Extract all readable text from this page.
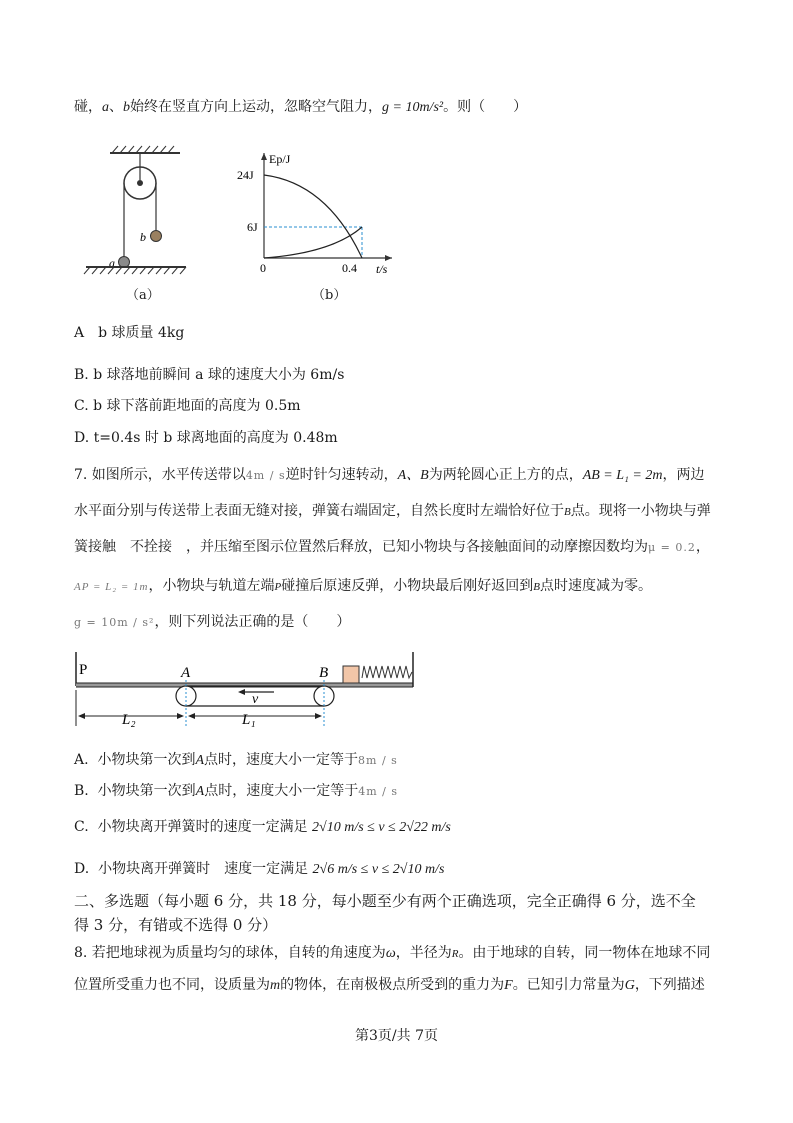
碰，a、b始终在竖直方向上运动，忽略空气阻力，g = 10m/s²。则（　　）
b
a
（a）
Ep/J
t/s
24J
6J
0	0.4
（b）
A　 b 球质量 4kg
B. b 球落地前瞬间 a 球的速度大小为 6m/s
C. b 球下落前距地面的高度为 0.5m
D. t=0.4s 时 b 球离地面的高度为 0.48m
7. 如图所示，水平传送带以4m / s逆时针匀速转动，A、B为两轮圆心正上方的点，AB = L₁ = 2m，两边
水平面分别与传送带上表面无缝对接，弹簧右端固定，自然长度时左端恰好位于B点。现将一小物块与弹
簧接触　不拴接　，并压缩至图示位置然后释放，已知小物块与各接触面间的动摩擦因数均为μ = 0.2，
AP = L₂ = 1m，小物块与轨道左端P碰撞后原速反弹，小物块最后刚好返回到B点时速度减为零。
g = 10m / s²，则下列说法正确的是（　　）
P	A	B
v
L₂	L₁
A. 小物块第一次到A点时，速度大小一定等于8m / s
B. 小物块第一次到A点时，速度大小一定等于4m / s
C. 小物块离开弹簧时的速度一定满足 2√10 m/s ≤ v ≤ 2√22 m/s
D. 小物块离开弹簧时　速度一定满足 2√6 m/s ≤ v ≤ 2√10 m/s
二、多选题（每小题 6 分，共 18 分，每小题至少有两个正确选项，完全正确得 6 分，选不全
得 3 分，有错或不选得 0 分）
8. 若把地球视为质量均匀的球体，自转的角速度为ω，半径为R。由于地球的自转，同一物体在地球不同
位置所受重力也不同，设质量为m的物体，在南极极点所受到的重力为F。已知引力常量为G，下列描述
第3页/共 7页
